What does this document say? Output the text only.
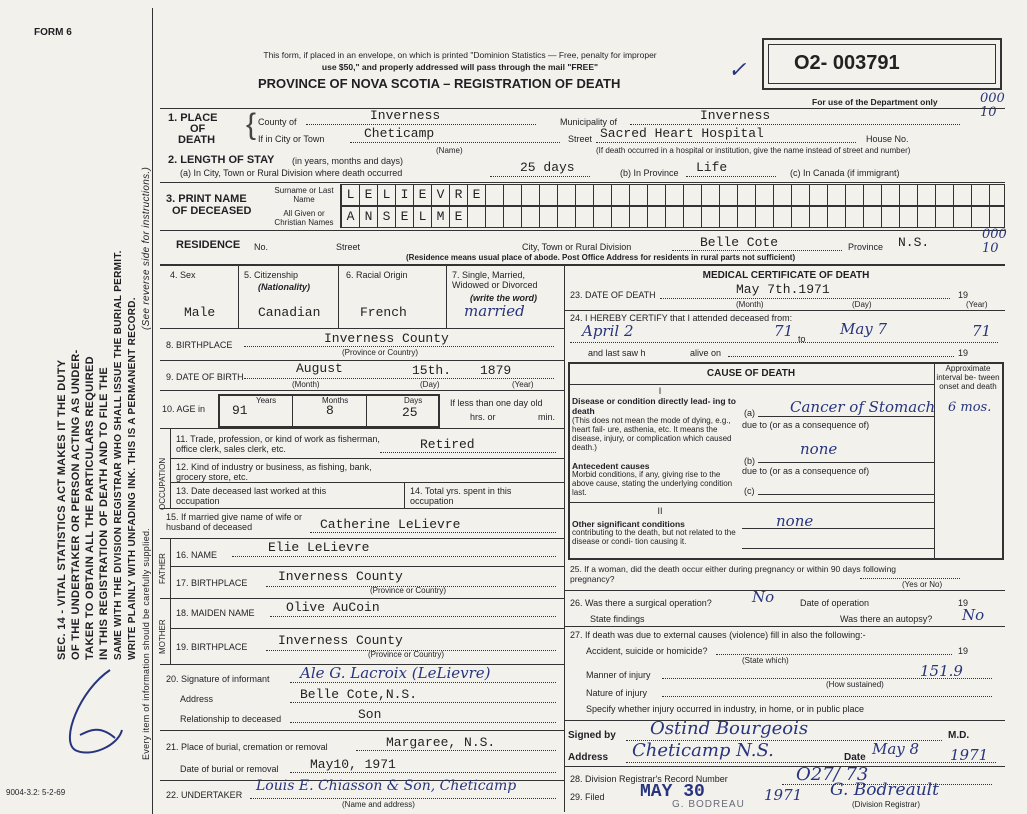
FORM 6
SEC. 14 - VITAL STATISTICS ACT MAKES IT THE DUTY OF THE UNDERTAKER OR PERSON ACTING AS UNDER- TAKER TO OBTAIN ALL THE PARTICULARS REQUIRED IN THIS REGISTRATION OF DEATH AND TO FILE THE SAME WITH THE DIVISION REGISTRAR WHO SHALL ISSUE THE BURIAL PERMIT. WRITE PLAINLY WITH UNFADING INK. THIS IS A PERMANENT RECORD.
(See reverse side for instructions.)
Every item of information should be carefully supplied.
9004-3.2: 5-2-69
This form, if placed in an envelope, on which is printed "Dominion Statistics — Free, penalty for improper
use $50," and properly addressed will pass through the mail "FREE"
PROVINCE OF NOVA SCOTIA – REGISTRATION OF DEATH
✓ O2- 003791
For use of the Department only	000 10
1. PLACE
OF
DEATH { County of	Inverness	Municipality of	Inverness
If in City or Town	Cheticamp
(Name)
Street Sacred Heart Hospital	House No.
(If death occurred in a hospital or institution, give the name instead of street and number)
2. LENGTH OF STAY (in years, months and days)
(a) In City, Town or Rural Division where death occurred	25 days	(b) In Province Life	(c) In Canada (if immigrant)
3. PRINT NAME
OF DECEASED
Surname or Last Name
All Given or Christian Names
L E L I E V R E
A N S E L M E
RESIDENCE No.	Street	City, Town or Rural Division	Belle Cote	Province N.S.
(Residence means usual place of abode. Post Office Address for residents in rural parts not sufficient)
000 10
4. Sex
Male
5. Citizenship
(Nationality)
Canadian
6. Racial Origin
French
7. Single, Married, Widowed or Divorced
(write the word)
married
8. BIRTHPLACE	Inverness County
(Province or Country)
9. DATE OF BIRTH
August	15th. 1879
(Month)	(Day)	(Year)
10. AGE in
Years	Months	Days
91	8	25
If less than one day old
hrs. or	min.
OCCUPATION
11. Trade, profession, or kind of work as fisherman, office clerk, sales clerk, etc.	Retired
12. Kind of industry or business, as fishing, bank, grocery store, etc.
13. Date deceased last worked at this occupation
14. Total yrs. spent in this occupation
15. If married give name of wife or husband of deceased	Catherine LeLievre
FATHER 16. NAME	Elie LeLievre
17. BIRTHPLACE Inverness County
(Province or Country)
MOTHER
18. MAIDEN NAME Olive AuCoin
19. BIRTHPLACE Inverness County
(Province or Country)
20. Signature of informant Ale G. Lacroix (LeLievre)
Address	Belle Cote,N.S.
Relationship to deceased	Son
21. Place of burial, cremation or removal	Margaree, N.S.
Date of burial or removal May10, 1971
22. UNDERTAKER
Louis E. Chiasson & Son, Cheticamp
(Name and address)
MEDICAL CERTIFICATE OF DEATH
23. DATE OF DEATH	May 7th.1971	19
(Month)	(Day)	(Year)
24. I HEREBY CERTIFY that I attended deceased from:
April 2	to
71	May 7	71
and last saw h	alive on	19
CAUSE OF DEATH	Approximate interval be- tween onset and death
I
Disease or condition directly lead- ing to death
(This does not mean the mode of dying, e.g., heart fail- ure, asthenia, etc. It means the disease, injury, or complication which caused death.)
(a) Cancer of Stomach 6 mos.
due to (or as a consequence of)
Antecedent causes
Morbid conditions, if any, giving rise to the above cause, stating the underlying condition last.
(b)
none
due to (or as a consequence of)
(c)
II
Other significant conditions
contributing to the death, but not related to the disease or condi- tion causing it.
none
25. If a woman, did the death occur either during pregnancy or within 90 days following pregnancy?
(Yes or No)
26. Was there a surgical operation?	No	Date of operation	19
State findings	Was there an autopsy? No
27. If death was due to external causes (violence) fill in also the following:-
Accident, suicide or homicide?	19
(State which)
Manner of injury	151.9
(How sustained)
Nature of injury
Specify whether injury occurred in industry, in home, or in public place
Signed by Ostind Bourgeois	M.D.
Address Cheticamp N.S.	Date May 8 1971
28. Division Registrar's Record Number	O27/ 73
29. Filed MAY 30	1971 G. Bodreault
(Division Registrar)
G. BODREAU
